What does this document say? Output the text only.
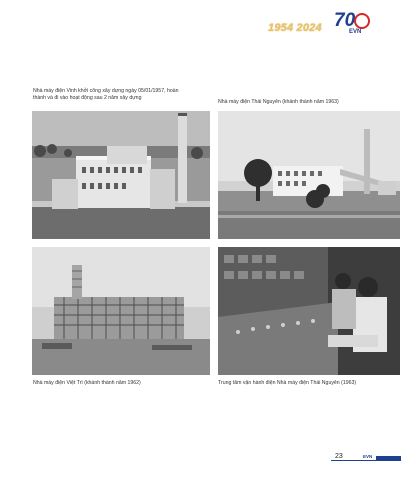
1954 2024 70
EVN

Nhà máy điện Vinh khởi công xây dựng ngày 05/01/1957, hoàn thành và đi vào hoạt động sau 2 năm xây dựng

Nhà máy điện Thái Nguyên (khánh thành năm 1963)

Nhà máy điện Việt Trì (khánh thành năm 1962)	Trung tâm vận hành điện Nhà máy điện Thái Nguyên (1963)

23	EVN
